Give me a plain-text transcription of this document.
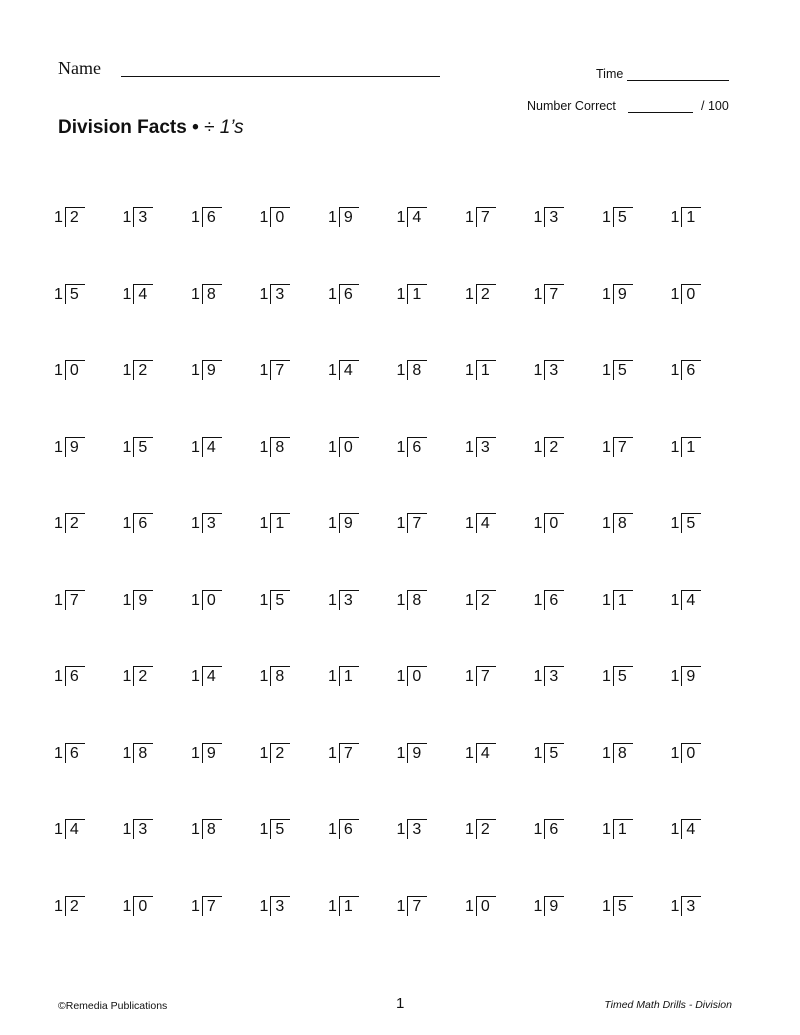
Name	Time
Number Correct	/ 100
Division Facts • ÷ 1’s
1 2	1 3	1 6	1 0	1 9	1 4	1 7	1 3	1 5	1 1
1 5	1 4	1 8	1 3	1 6	1 1	1 2	1 7	1 9	1 0
1 0	1 2	1 9	1 7	1 4	1 8	1 1	1 3	1 5	1 6
1 9	1 5	1 4	1 8	1 0	1 6	1 3	1 2	1 7	1 1
1 2	1 6	1 3	1 1	1 9	1 7	1 4	1 0	1 8	1 5
1 7	1 9	1 0	1 5	1 3	1 8	1 2	1 6	1 1	1 4
1 6	1 2	1 4	1 8	1 1	1 0	1 7	1 3	1 5	1 9
1 6	1 8	1 9	1 2	1 7	1 9	1 4	1 5	1 8	1 0
1 4	1 3	1 8	1 5	1 6	1 3	1 2	1 6	1 1	1 4
1 2	1 0	1 7	1 3	1 1	1 7	1 0	1 9	1 5	1 3
©Remedia Publications	1	Timed Math Drills - Division
